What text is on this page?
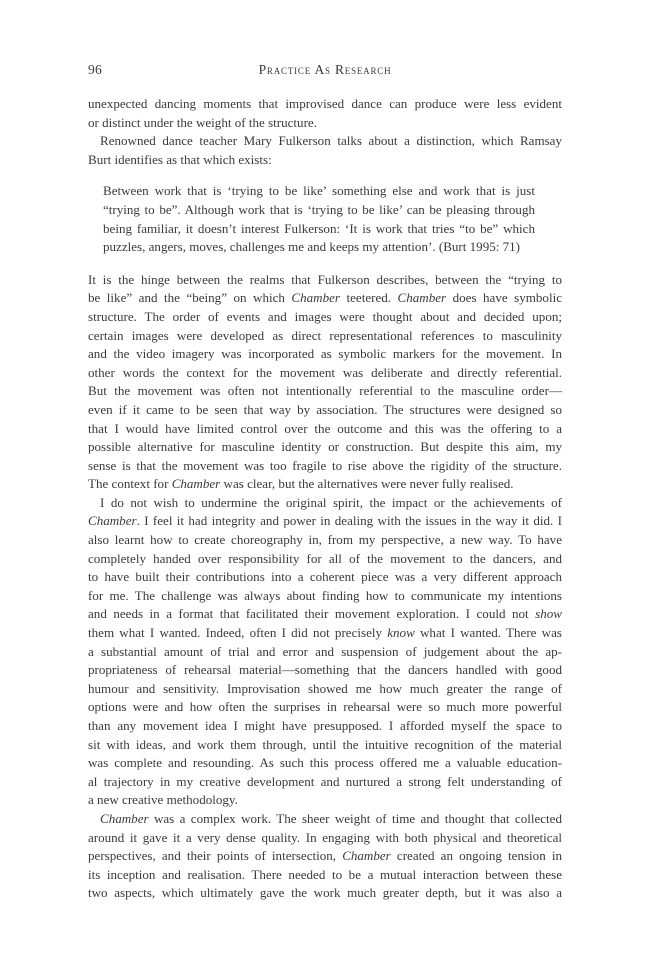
96	Practice As Research
unexpected dancing moments that improvised dance can produce were less evident
or distinct under the weight of the structure.
Renowned dance teacher Mary Fulkerson talks about a distinction, which Ramsay
Burt identifies as that which exists:
Between work that is ‘trying to be like’ something else and work that is just
“trying to be”. Although work that is ‘trying to be like’ can be pleasing through
being familiar, it doesn’t interest Fulkerson: ‘It is work that tries “to be” which
puzzles, angers, moves, challenges me and keeps my attention’. (Burt 1995: 71)
It is the hinge between the realms that Fulkerson describes, between the “trying to
be like” and the “being” on which Chamber teetered. Chamber does have symbolic
structure. The order of events and images were thought about and decided upon;
certain images were developed as direct representational references to masculinity
and the video imagery was incorporated as symbolic markers for the movement. In
other words the context for the movement was deliberate and directly referential.
But the movement was often not intentionally referential to the masculine order—
even if it came to be seen that way by association. The structures were designed so
that I would have limited control over the outcome and this was the offering to a
possible alternative for masculine identity or construction. But despite this aim, my
sense is that the movement was too fragile to rise above the rigidity of the structure.
The context for Chamber was clear, but the alternatives were never fully realised.
I do not wish to undermine the original spirit, the impact or the achievements of
Chamber. I feel it had integrity and power in dealing with the issues in the way it did. I
also learnt how to create choreography in, from my perspective, a new way. To have
completely handed over responsibility for all of the movement to the dancers, and
to have built their contributions into a coherent piece was a very different approach
for me. The challenge was always about finding how to communicate my intentions
and needs in a format that facilitated their movement exploration. I could not show
them what I wanted. Indeed, often I did not precisely know what I wanted. There was
a substantial amount of trial and error and suspension of judgement about the ap-
propriateness of rehearsal material—something that the dancers handled with good
humour and sensitivity. Improvisation showed me how much greater the range of
options were and how often the surprises in rehearsal were so much more powerful
than any movement idea I might have presupposed. I afforded myself the space to
sit with ideas, and work them through, until the intuitive recognition of the material
was complete and resounding. As such this process offered me a valuable education-
al trajectory in my creative development and nurtured a strong felt understanding of
a new creative methodology.
Chamber was a complex work. The sheer weight of time and thought that collected
around it gave it a very dense quality. In engaging with both physical and theoretical
perspectives, and their points of intersection, Chamber created an ongoing tension in
its inception and realisation. There needed to be a mutual interaction between these
two aspects, which ultimately gave the work much greater depth, but it was also a
